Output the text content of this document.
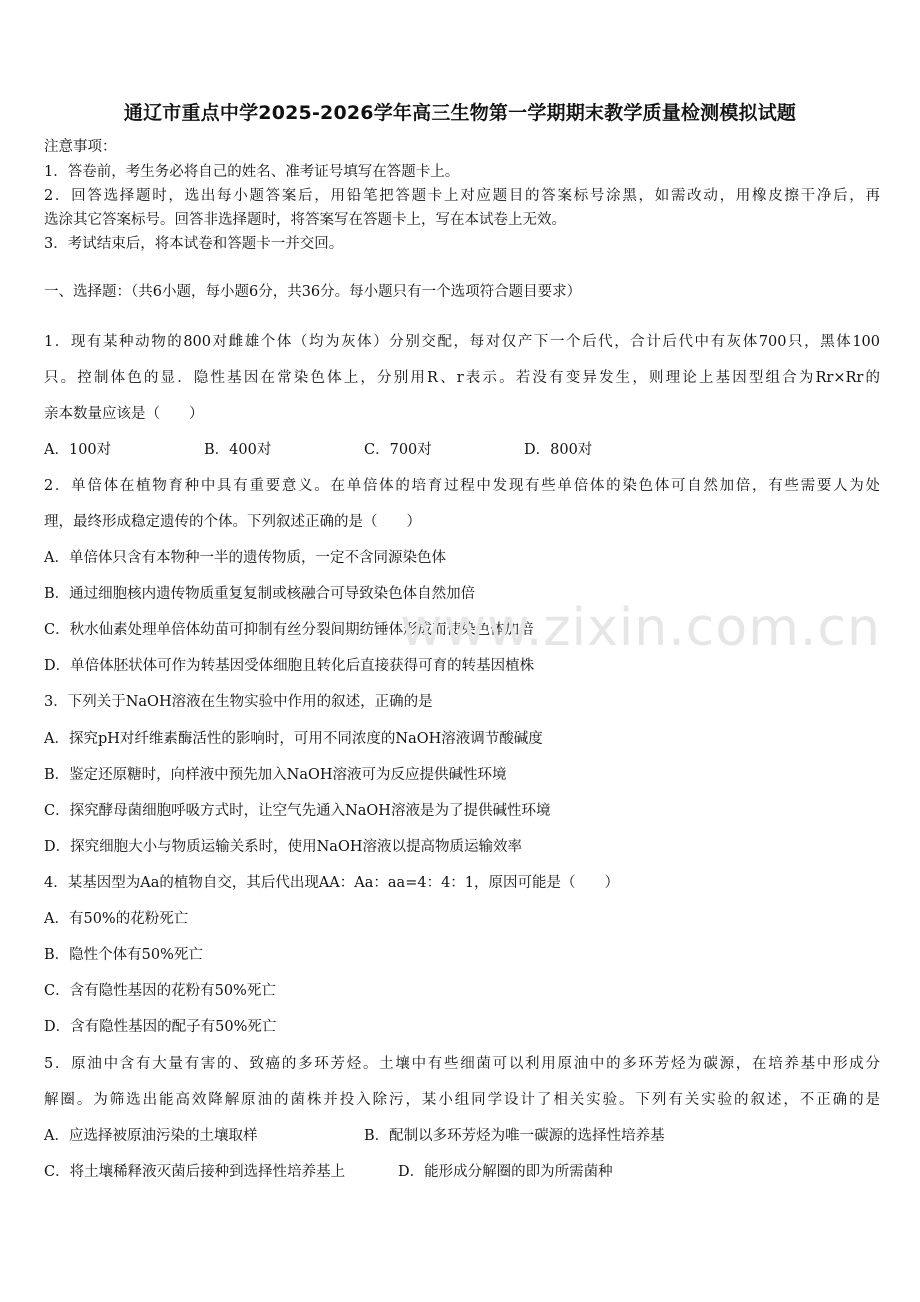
通辽市重点中学2025-2026学年高三生物第一学期期末教学质量检测模拟试题
注意事项：
1．答卷前，考生务必将自己的姓名、准考证号填写在答题卡上。
2．回答选择题时，选出每小题答案后，用铅笔把答题卡上对应题目的答案标号涂黑，如需改动，用橡皮擦干净后，再
选涂其它答案标号。回答非选择题时，将答案写在答题卡上，写在本试卷上无效。
3．考试结束后，将本试卷和答题卡一并交回。
一、选择题：（共6小题，每小题6分，共36分。每小题只有一个选项符合题目要求）
1．现有某种动物的800对雌雄个体（均为灰体）分别交配，每对仅产下一个后代，合计后代中有灰体700只，黑体100
只。控制体色的显．隐性基因在常染色体上，分别用R、r表示。若没有变异发生，则理论上基因型组合为Rr×Rr的
亲本数量应该是（　　）
A．100对	B．400对	C．700对	D．800对
2．单倍体在植物育种中具有重要意义。在单倍体的培育过程中发现有些单倍体的染色体可自然加倍，有些需要人为处
理，最终形成稳定遗传的个体。下列叙述正确的是（　　）
A．单倍体只含有本物种一半的遗传物质，一定不含同源染色体
B．通过细胞核内遗传物质重复复制或核融合可导致染色体自然加倍
C．秋水仙素处理单倍体幼苗可抑制有丝分裂间期纺锤体形成而使染色体加倍
D．单倍体胚状体可作为转基因受体细胞且转化后直接获得可育的转基因植株
3．下列关于NaOH溶液在生物实验中作用的叙述，正确的是
A．探究pH对纤维素酶活性的影响时，可用不同浓度的NaOH溶液调节酸碱度
B．鉴定还原糖时，向样液中预先加入NaOH溶液可为反应提供碱性环境
C．探究酵母菌细胞呼吸方式时，让空气先通入NaOH溶液是为了提供碱性环境
D．探究细胞大小与物质运输关系时，使用NaOH溶液以提高物质运输效率
4．某基因型为Aa的植物自交，其后代出现AA：Aa：aa=4：4：1，原因可能是（　　）
A．有50%的花粉死亡
B．隐性个体有50%死亡
C．含有隐性基因的花粉有50%死亡
D．含有隐性基因的配子有50%死亡
5．原油中含有大量有害的、致癌的多环芳烃。土壤中有些细菌可以利用原油中的多环芳烃为碳源，在培养基中形成分
解圈。为筛选出能高效降解原油的菌株并投入除污，某小组同学设计了相关实验。下列有关实验的叙述，不正确的是
A．应选择被原油污染的土壤取样	B．配制以多环芳烃为唯一碳源的选择性培养基
C．将土壤稀释液灭菌后接种到选择性培养基上	D．能形成分解圈的即为所需菌种
www.zixin.com.cn
